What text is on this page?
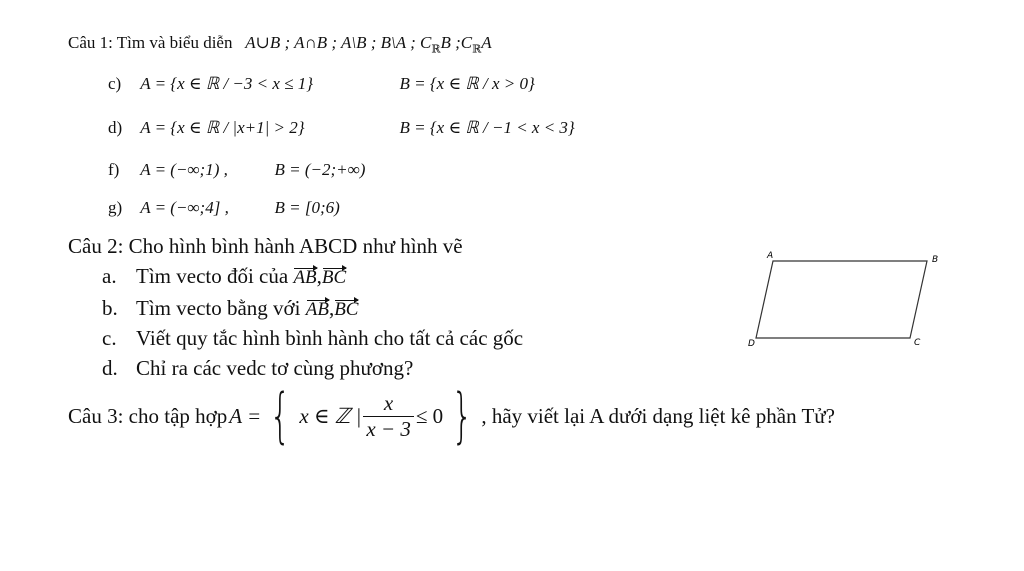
Câu 1: Tìm và biểu diễn A∪B ; A∩B ; A\B ; B\A ; $C_ℝB$ $;C_ℝA$
c) A = {x ∈ ℝ / −3 < x ≤ 1}	B = {x ∈ ℝ / x > 0}
d) A = {x ∈ ℝ / |x+1| > 2}	B = {x ∈ ℝ / −1 < x < 3}
f) A = (−∞;1) ,	B = (−2;+∞)
g) A = (−∞;4] ,	B = [0;6)
Câu 2: Cho hình bình hành ABCD như hình vẽ
a. Tìm vecto đối của AB,BC
b. Tìm vecto bằng với AB,BC
c. Viết quy tắc hình bình hành cho tất cả các gốc
d. Chỉ ra các vedc tơ cùng phương?
A	B
C
D
Câu 3: cho tập hợp A = { x ∈ ℤ | $\frac{x}{x - 3} \le 0$ } , hãy viết lại A dưới dạng liệt kê phần Tử?
